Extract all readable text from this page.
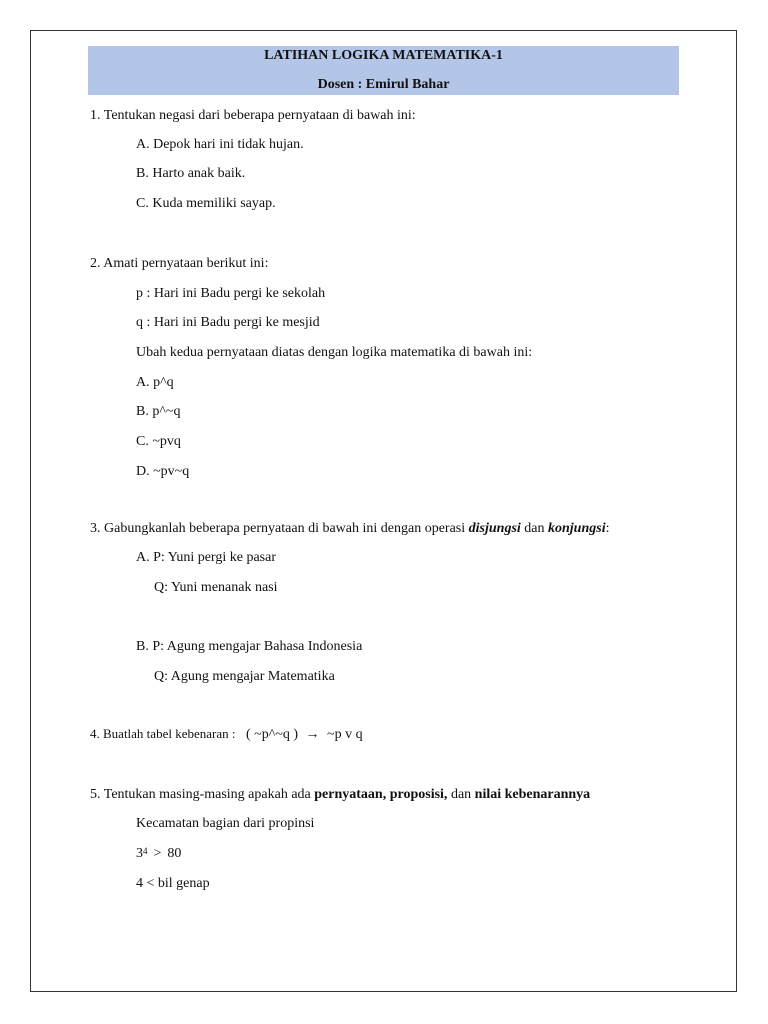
LATIHAN LOGIKA MATEMATIKA-1
Dosen : Emirul Bahar
1. Tentukan negasi dari beberapa pernyataan di bawah ini:
A. Depok hari ini tidak hujan.
B. Harto anak baik.
C. Kuda memiliki sayap.
2. Amati pernyataan berikut ini:
p : Hari ini Badu pergi ke sekolah
q : Hari ini Badu pergi ke mesjid
Ubah kedua pernyataan diatas dengan logika matematika di bawah ini:
A. p^q
B. p^~q
C. ~pvq
D. ~pv~q
3. Gabungkanlah beberapa pernyataan di bawah ini dengan operasi disjungsi dan konjungsi:
A. P: Yuni pergi ke pasar
Q: Yuni menanak nasi
B. P: Agung mengajar Bahasa Indonesia
Q: Agung mengajar Matematika
4. Buatlah tabel kebenaran : ( ~p^~q ) → ~p v q
5. Tentukan masing-masing apakah ada pernyataan, proposisi, dan nilai kebenarannya
Kecamatan bagian dari propinsi
$3^4 > 80$
4 < bil genap
